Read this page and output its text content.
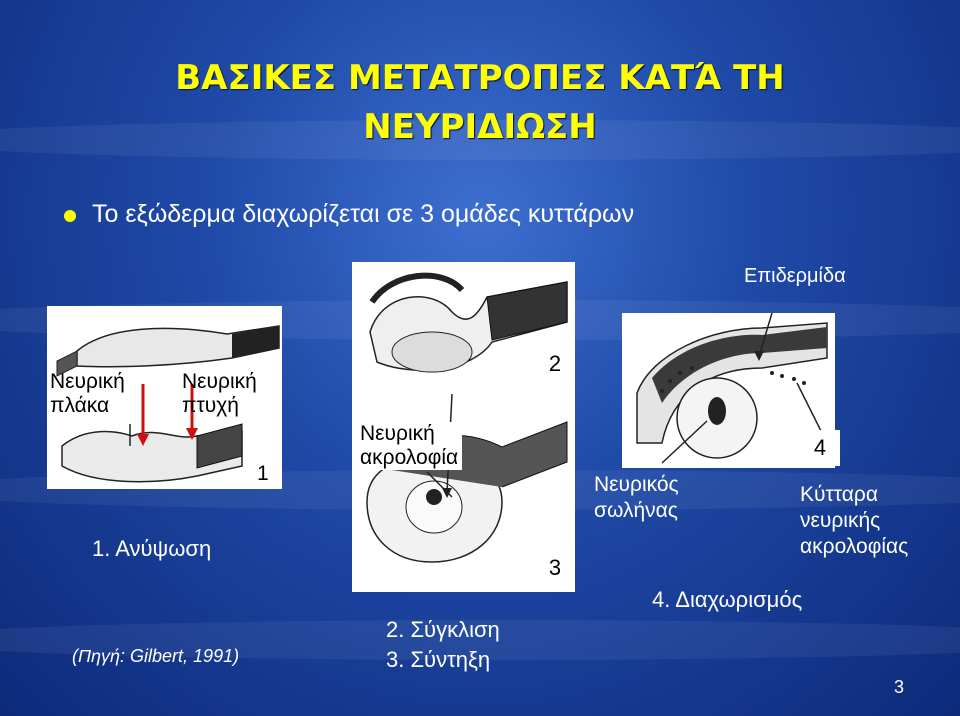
ΒΑΣΙΚΕΣ ΜΕΤΑΤΡΟΠΕΣ ΚΑΤΆ ΤΗ
ΝΕΥΡΙΔΙΩΣΗ
Το εξώδερμα διαχωρίζεται σε 3 ομάδες κυττάρων
Νευρική
πλάκα
Νευρική
πτυχή
1
1. Ανύψωση
(Πηγή: Gilbert, 1991)
2
Νευρική
ακρολοφία
3
2. Σύγκλιση
3. Σύντηξη
Επιδερμίδα
4
Νευρικός
σωλήνας
Κύτταρα
νευρικής
ακρολοφίας
4. Διαχωρισμός
3
